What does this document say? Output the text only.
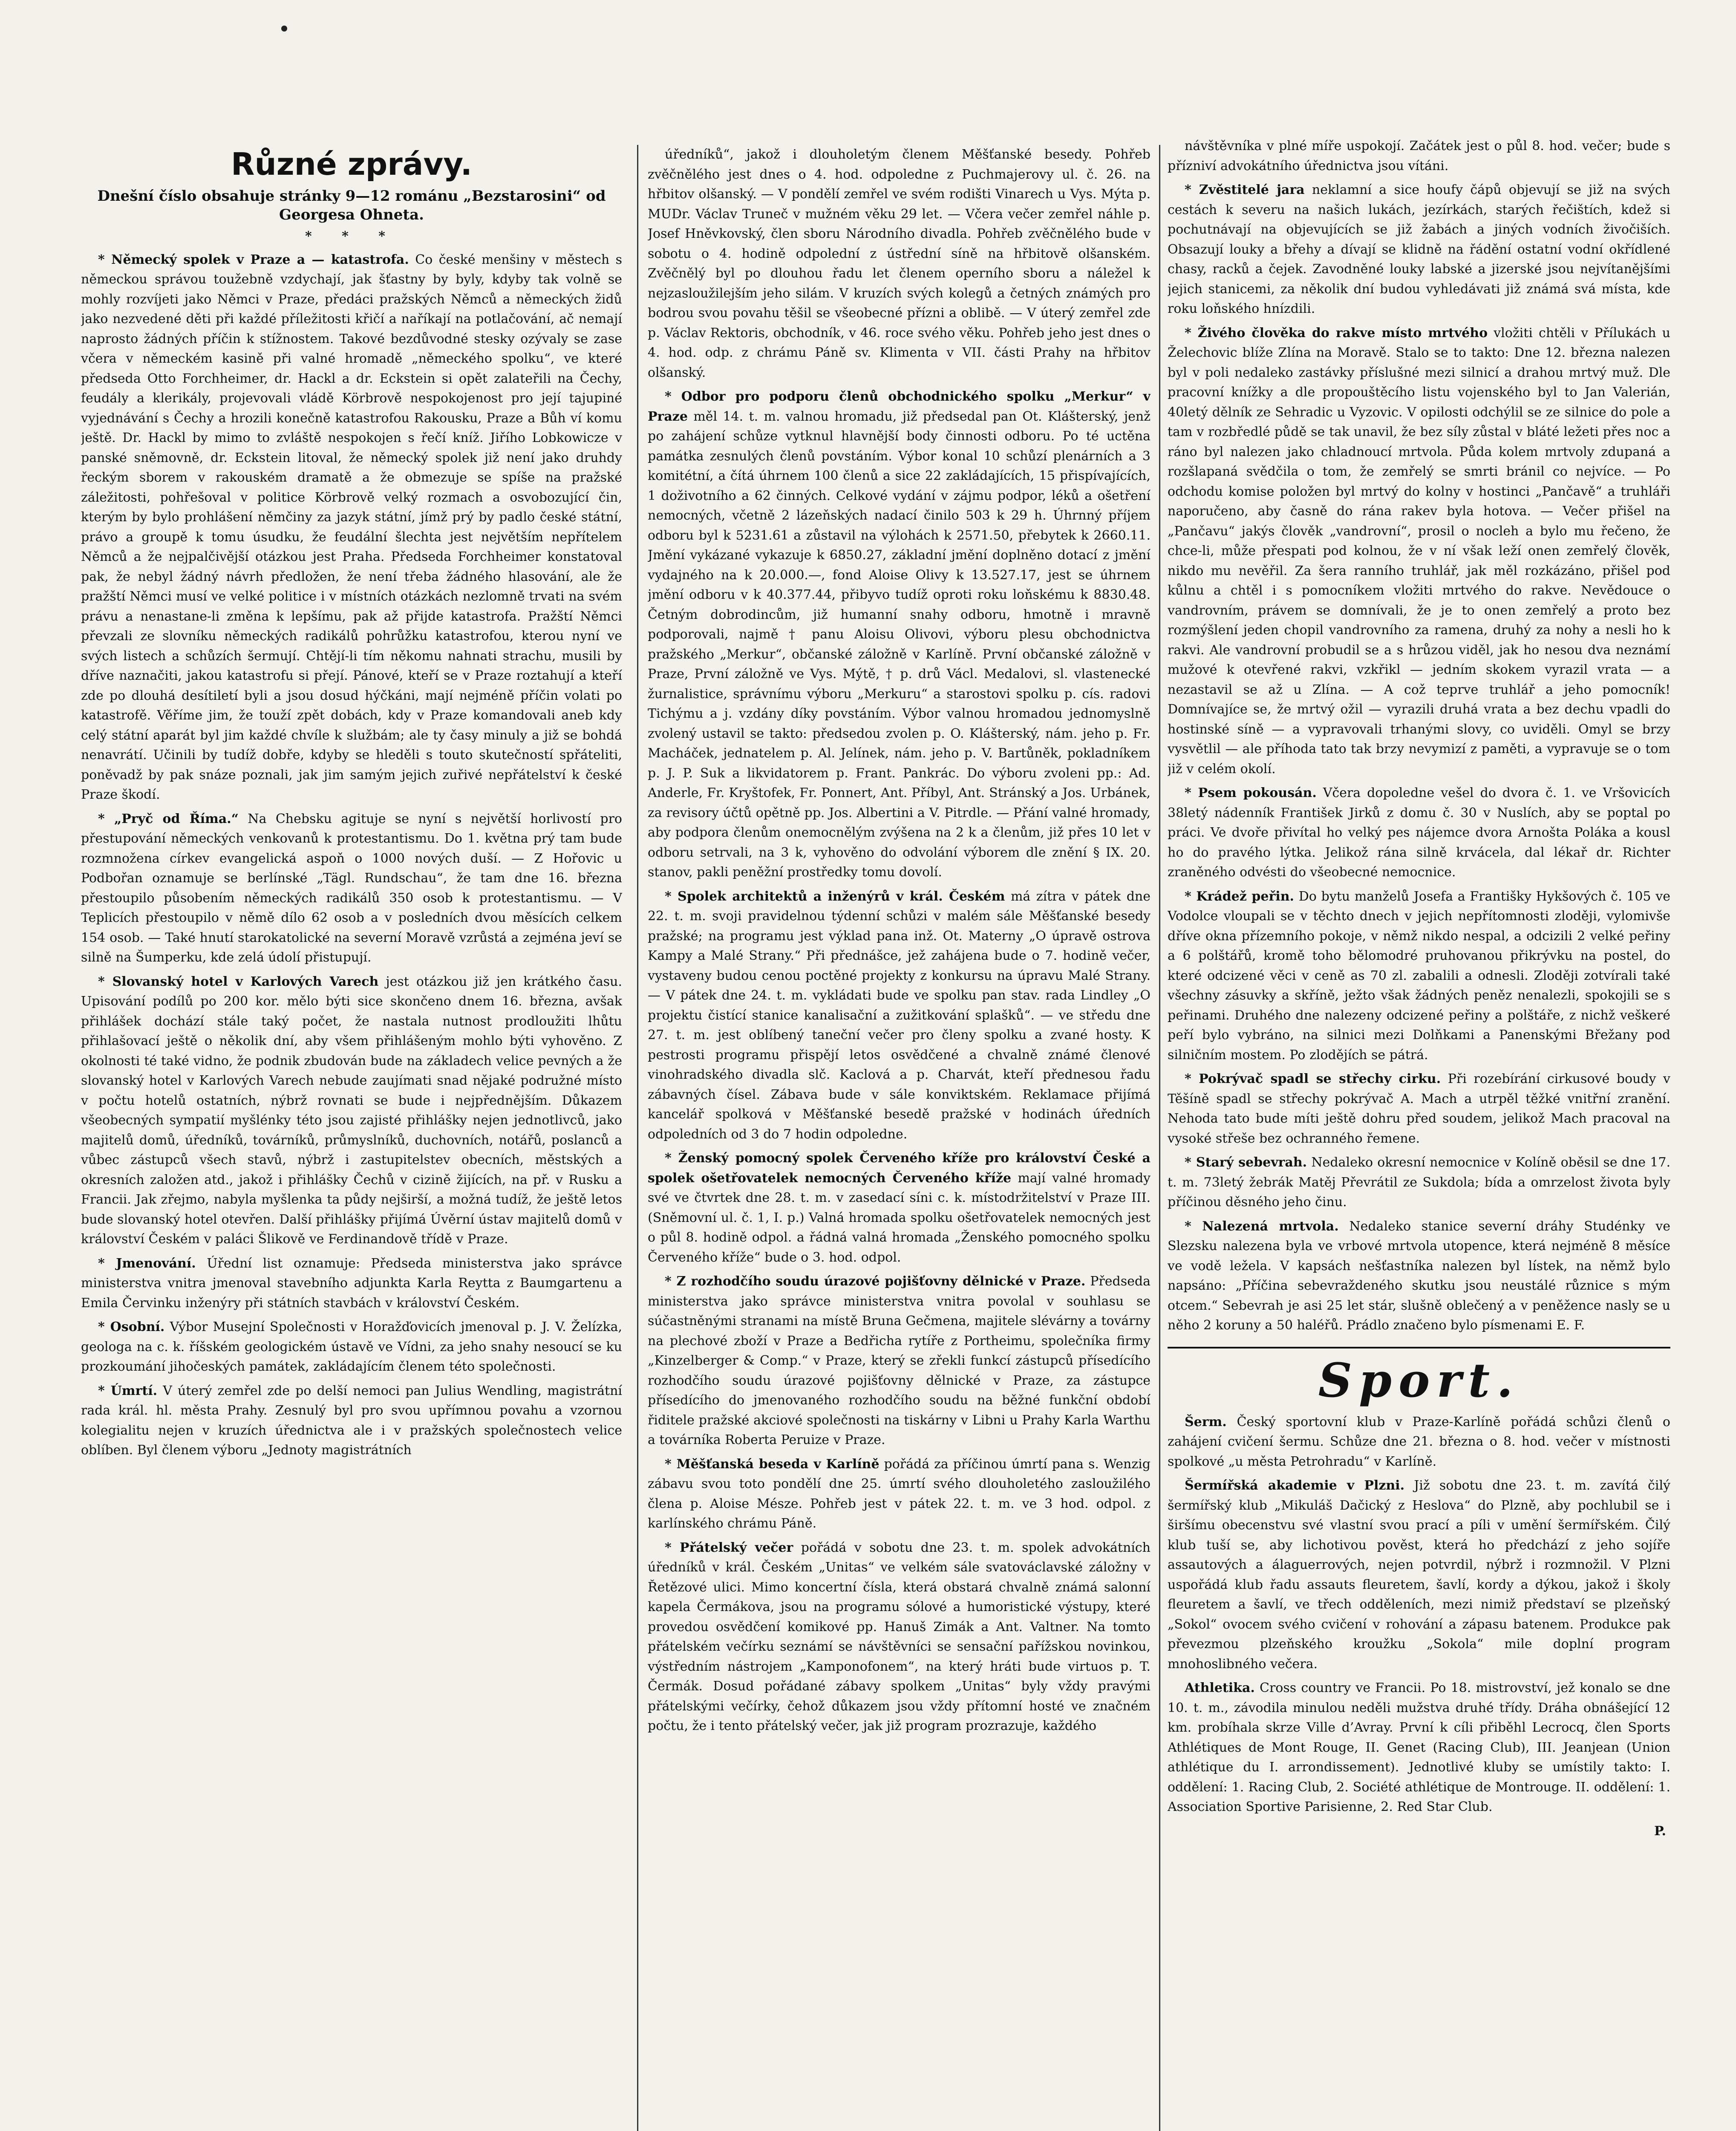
Různé zprávy.
Dnešní číslo obsahuje stránky 9—12 románu „Bezstarosini“ od Georgesa Ohneta.
* * *

* Německý spolek v Praze a — katastrofa. Co české menšiny v městech s německou správou toužebně vzdychají, jak šťastny by byly, kdyby tak volně se mohly rozvíjeti jako Němci v Praze, předáci pražských Němců a německých židů jako nezvedené děti při každé příležitosti křičí a naříkají na potlačování, ač nemají naprosto žádných příčin k stížnostem. Takové bezdůvodné stesky ozývaly se zase včera v německém kasině při valné hromadě „německého spolku“, ve které předseda Otto Forchheimer, dr. Hackl a dr. Eckstein si opět zalateřili na Čechy, feudály a klerikály, projevovali vládě Körbrově nespokojenost pro její tajupiné vyjednávání s Čechy a hrozili konečně katastrofou Rakousku, Praze a Bůh ví komu ještě. Dr. Hackl by mimo to zvláště nespokojen s řečí kníž. Jiřího Lobkowicze v panské sněmovně, dr. Eckstein litoval, že německý spolek již není jako druhdy řeckým sborem v rakouském dramatě a že obmezuje se spíše na pražské záležitosti, pohřešoval v politice Körbrově velký rozmach a osvobozující čin, kterým by bylo prohlášení němčiny za jazyk státní, jímž prý by padlo české státní, právo a groupě k tomu úsudku, že feudální šlechta jest největším nepřítelem Němců a že nejpalčivější otázkou jest Praha. Předseda Forchheimer konstatoval pak, že nebyl žádný návrh předložen, že není třeba žádného hlasování, ale že pražští Němci musí ve velké politice i v místních otázkách nezlomně trvati na svém právu a nenastane-li změna k lepšímu, pak až přijde katastrofa. Pražští Němci převzali ze slovníku německých radikálů pohrůžku katastrofou, kterou nyní ve svých listech a schůzích šermují. Chtějí-li tím někomu nahnati strachu, musili by dříve naznačiti, jakou katastrofu si přejí. Pánové, kteří se v Praze roztahují a kteří zde po dlouhá desítiletí byli a jsou dosud hýčkáni, mají nejméně příčin volati po katastrofě. Věříme jim, že touží zpět dobách, kdy v Praze komandovali aneb kdy celý státní aparát byl jim každé chvíle k službám; ale ty časy minuly a již se bohdá nenavrátí. Učinili by tudíž dobře, kdyby se hleděli s touto skutečností spřáteliti, poněvadž by pak snáze poznali, jak jim samým jejich zuřivé nepřátelství k české Praze škodí.

* „Pryč od Říma.“ Na Chebsku agituje se nyní s největší horlivostí pro přestupování německých venkovanů k protestantismu. Do 1. května prý tam bude rozmnožena církev evangelická aspoň o 1000 nových duší. — Z Hořovic u Podbořan oznamuje se berlínské „Tägl. Rundschau“, že tam dne 16. března přestoupilo působením německých radikálů 350 osob k protestantismu. — V Teplicích přestoupilo v němě dílo 62 osob a v posledních dvou měsících celkem 154 osob. — Také hnutí starokatolické na severní Moravě vzrůstá a zejména jeví se silně na Šumperku, kde zelá údolí přistupují.

* Slovanský hotel v Karlových Varech jest otázkou již jen krátkého času. Upisování podílů po 200 kor. mělo býti sice skončeno dnem 16. března, avšak přihlášek dochází stále taký počet, že nastala nutnost prodloužiti lhůtu přihlašovací ještě o několik dní, aby všem přihlášeným mohlo býti vyhověno. Z okolnosti té také vidno, že podnik zbudován bude na základech velice pevných a že slovanský hotel v Karlových Varech nebude zaujímati snad nějaké podružné místo v počtu hotelů ostatních, nýbrž rovnati se bude i nejpřednějším. Důkazem všeobecných sympatií myšlénky této jsou zajisté přihlášky nejen jednotlivců, jako majitelů domů, úředníků, továrníků, průmyslníků, duchovních, notářů, poslanců a vůbec zástupců všech stavů, nýbrž i zastupitelstev obecních, městských a okresních založen atd., jakož i přihlášky Čechů v cizině žijících, na př. v Rusku a Francii. Jak zřejmo, nabyla myšlenka ta půdy nejširší, a možná tudíž, že ještě letos bude slovanský hotel otevřen. Další přihlášky přijímá Úvěrní ústav majitelů domů v království Českém v paláci Šlikově ve Ferdinandově třídě v Praze.

* Jmenování. Úřední list oznamuje: Předseda ministerstva jako správce ministerstva vnitra jmenoval stavebního adjunkta Karla Reytta z Baumgartenu a Emila Červinku inženýry při státních stavbách v království Českém.

* Osobní. Výbor Musejní Společnosti v Horažďovicích jmenoval p. J. V. Želízka, geologa na c. k. říšském geologickém ústavě ve Vídni, za jeho snahy nesoucí se ku prozkoumání jihočeských památek, zakládajícím členem této společnosti.

* Úmrtí. V úterý zemřel zde po delší nemoci pan Julius Wendling, magistrátní rada král. hl. města Prahy. Zesnulý byl pro svou upřímnou povahu a vzornou kolegialitu nejen v kruzích úřednictva ale i v pražských společnostech velice oblíben. Byl členem výboru „Jednoty magistrátních

úředníků“, jakož i dlouholetým členem Měšťanské besedy. Pohřeb zvěčnělého jest dnes o 4. hod. odpoledne z Puchmajerovy ul. č. 26. na hřbitov olšanský. — V pondělí zemřel ve svém rodišti Vinarech u Vys. Mýta p. MUDr. Václav Truneč v mužném věku 29 let. — Včera večer zemřel náhle p. Josef Hněvkovský, člen sboru Národního divadla. Pohřeb zvěčnělého bude v sobotu o 4. hodině odpolední z ústřední síně na hřbitově olšanském. Zvěčnělý byl po dlouhou řadu let členem operního sboru a náležel k nejzasloužilejším jeho silám. V kruzích svých kolegů a četných známých pro bodrou svou povahu těšil se všeobecné přízni a oblibě. — V úterý zemřel zde p. Václav Rektoris, obchodník, v 46. roce svého věku. Pohřeb jeho jest dnes o 4. hod. odp. z chrámu Páně sv. Klimenta v VII. části Prahy na hřbitov olšanský.

* Odbor pro podporu členů obchodnického spolku „Merkur“ v Praze měl 14. t. m. valnou hromadu, již předsedal pan Ot. Klášterský, jenž po zahájení schůze vytknul hlavnější body činnosti odboru. Po té uctěna památka zesnulých členů povstáním. Výbor konal 10 schůzí plenárních a 3 komitétní, a čítá úhrnem 100 členů a sice 22 zakládajících, 15 přispívajících, 1 doživotního a 62 činných. Celkové vydání v zájmu podpor, léků a ošetření nemocných, včetně 2 lázeňských nadací činilo 503 k 29 h. Úhrnný příjem odboru byl k 5231.61 a zůstavil na výlohách k 2571.50, přebytek k 2660.11. Jmění vykázané vykazuje k 6850.27, základní jmění doplněno dotací z jmění vydajného na k 20.000.—, fond Aloise Olivy k 13.527.17, jest se úhrnem jmění odboru v k 40.377.44, přibyvo tudíž oproti roku loňskému k 8830.48. Četným dobrodincům, již humanní snahy odboru, hmotně i mravně podporovali, najmě † panu Aloisu Olivovi, výboru plesu obchodnictva pražského „Merkur“, občanské záložně v Karlíně. První občanské záložně v Praze, První záložně ve Vys. Mýtě, † p. drů Václ. Medalovi, sl. vlastenecké žurnalistice, správnímu výboru „Merkuru“ a starostovi spolku p. cís. radovi Tichýmu a j. vzdány díky povstáním. Výbor valnou hromadou jednomyslně zvolený ustavil se takto: předsedou zvolen p. O. Klášterský, nám. jeho p. Fr. Macháček, jednatelem p. Al. Jelínek, nám. jeho p. V. Bartůněk, pokladníkem p. J. P. Suk a likvidatorem p. Frant. Pankrác. Do výboru zvoleni pp.: Ad. Anderle, Fr. Kryštofek, Fr. Ponnert, Ant. Příbyl, Ant. Stránský a Jos. Urbánek, za revisory účtů opětně pp. Jos. Albertini a V. Pitrdle. — Přání valné hromady, aby podpora členům onemocnělým zvýšena na 2 k a členům, již přes 10 let v odboru setrvali, na 3 k, vyhověno do odvolání výborem dle znění § IX. 20. stanov, pakli peněžní prostředky tomu dovolí.

* Spolek architektů a inženýrů v král. Českém má zítra v pátek dne 22. t. m. svoji pravidelnou týdenní schůzi v malém sále Měšťanské besedy pražské; na programu jest výklad pana inž. Ot. Materny „O úpravě ostrova Kampy a Malé Strany.“ Při přednášce, jež zahájena bude o 7. hodině večer, vystaveny budou cenou poctěné projekty z konkursu na úpravu Malé Strany. — V pátek dne 24. t. m. vykládati bude ve spolku pan stav. rada Lindley „O projektu čistící stanice kanalisační a zužitkování splašků“. — ve středu dne 27. t. m. jest oblíbený taneční večer pro členy spolku a zvané hosty. K pestrosti programu přispějí letos osvědčené a chvalně známé členové vinohradského divadla slč. Kaclová a p. Charvát, kteří přednesou řadu zábavných čísel. Zábava bude v sále konviktském. Reklamace přijímá kancelář spolková v Měšťanské besedě pražské v hodinách úředních odpoledních od 3 do 7 hodin odpoledne.

* Ženský pomocný spolek Červeného kříže pro království České a spolek ošetřovatelek nemocných Červeného kříže mají valné hromady své ve čtvrtek dne 28. t. m. v zasedací síni c. k. místodržitelství v Praze III. (Sněmovní ul. č. 1, I. p.) Valná hromada spolku ošetřovatelek nemocných jest o půl 8. hodině odpol. a řádná valná hromada „Ženského pomocného spolku Červeného kříže“ bude o 3. hod. odpol.

* Z rozhodčího soudu úrazové pojišťovny dělnické v Praze. Předseda ministerstva jako správce ministerstva vnitra povolal v souhlasu se súčastněnými stranami na místě Bruna Gečmena, majitele slévárny a továrny na plechové zboží v Praze a Bedřicha rytíře z Portheimu, společníka firmy „Kinzelberger & Comp.“ v Praze, který se zřekli funkcí zástupců přísedícího rozhodčího soudu úrazové pojišťovny dělnické v Praze, za zástupce přísedícího do jmenovaného rozhodčího soudu na běžné funkční období řiditele pražské akciové společnosti na tiskárny v Libni u Prahy Karla Warthu a továrníka Roberta Peruize v Praze.

* Měšťanská beseda v Karlíně pořádá za příčinou úmrtí pana s. Wenzig zábavu svou toto pondělí dne 25. úmrtí svého dlouholetého zasloužilého člena p. Aloise Mésze. Pohřeb jest v pátek 22. t. m. ve 3 hod. odpol. z karlínského chrámu Páně.

* Přátelský večer pořádá v sobotu dne 23. t. m. spolek advokátních úředníků v král. Českém „Unitas“ ve velkém sále svatováclavské záložny v Řetězové ulici. Mimo koncertní čísla, která obstará chvalně známá salonní kapela Čermákova, jsou na programu sólové a humoristické výstupy, které provedou osvědčení komikové pp. Hanuš Zimák a Ant. Valtner. Na tomto přátelském večírku seznámí se návštěvníci se sensační pařížskou novinkou, výstředním nástrojem „Kamponofonem“, na který hráti bude virtuos p. T. Čermák. Dosud pořádané zábavy spolkem „Unitas“ byly vždy pravými přátelskými večírky, čehož důkazem jsou vždy přítomní hosté ve značném počtu, že i tento přátelský večer, jak již program prozrazuje, každého

návštěvníka v plné míře uspokojí. Začátek jest o půl 8. hod. večer; bude s přízniví advokátního úřednictva jsou vítáni.

* Zvěstitelé jara neklamní a sice houfy čápů objevují se již na svých cestách k severu na našich lukách, jezírkách, starých řečištích, kdež si pochutnávají na objevujících se již žabách a jiných vodních živočiších. Obsazují louky a břehy a dívají se klidně na řádění ostatní vodní okřídlené chasy, racků a čejek. Zavodněné louky labské a jizerské jsou nejvítanějšími jejich stanicemi, za několik dní budou vyhledávati již známá svá místa, kde roku loňského hnízdili.

* Živého člověka do rakve místo mrtvého vložiti chtěli v Přílukách u Želechovic blíže Zlína na Moravě. Stalo se to takto: Dne 12. března nalezen byl v poli nedaleko zastávky příslušné mezi silnicí a drahou mrtvý muž. Dle pracovní knížky a dle propouštěcího listu vojenského byl to Jan Valerián, 40letý dělník ze Sehradic u Vyzovic. V opilosti odchýlil se ze silnice do pole a tam v rozbředlé půdě se tak unavil, že bez síly zůstal v bláté ležeti přes noc a ráno byl nalezen jako chladnoucí mrtvola. Půda kolem mrtvoly zdupaná a rozšlapaná svědčila o tom, že zemřelý se smrti bránil co nejvíce. — Po odchodu komise položen byl mrtvý do kolny v hostinci „Pančavě“ a truhláři naporučeno, aby časně do rána rakev byla hotova. — Večer přišel na „Pančavu“ jakýs člověk „vandrovní“, prosil o nocleh a bylo mu řečeno, že chce-li, může přespati pod kolnou, že v ní však leží onen zemřelý člověk, nikdo mu nevěřil. Za šera ranního truhlář, jak měl rozkázáno, přišel pod kůlnu a chtěl i s pomocníkem vložiti mrtvého do rakve. Nevědouce o vandrovním, právem se domnívali, že je to onen zemřelý a proto bez rozmýšlení jeden chopil vandrovního za ramena, druhý za nohy a nesli ho k rakvi. Ale vandrovní probudil se a s hrůzou viděl, jak ho nesou dva neznámí mužové k otevřené rakvi, vzkřikl — jedním skokem vyrazil vrata — a nezastavil se až u Zlína. — A což teprve truhlář a jeho pomocník! Domnívajíce se, že mrtvý ožil — vyrazili druhá vrata a bez dechu vpadli do hostinské síně — a vypravovali trhanými slovy, co uviděli. Omyl se brzy vysvětlil — ale příhoda tato tak brzy nevymizí z paměti, a vypravuje se o tom již v celém okolí.

* Psem pokousán. Včera dopoledne vešel do dvora č. 1. ve Vršovicích 38letý nádenník František Jirků z domu č. 30 v Nuslích, aby se poptal po práci. Ve dvoře přivítal ho velký pes nájemce dvora Arnošta Poláka a kousl ho do pravého lýtka. Jelikož rána silně krvácela, dal lékař dr. Richter zraněného odvésti do všeobecné nemocnice.

* Krádež peřin. Do bytu manželů Josefa a Františky Hykšových č. 105 ve Vodolce vloupali se v těchto dnech v jejich nepřítomnosti zloději, vylomivše dříve okna přízemního pokoje, v němž nikdo nespal, a odcizili 2 velké peřiny a 6 polštářů, kromě toho bělomodré pruhovanou přikrývku na postel, do které odcizené věci v ceně as 70 zl. zabalili a odnesli. Zloději zotvírali také všechny zásuvky a skříně, ježto však žádných peněz nenalezli, spokojili se s peřinami. Druhého dne nalezeny odcizené peřiny a polštáře, z nichž veškeré peří bylo vybráno, na silnici mezi Dolňkami a Panenskými Břežany pod silničním mostem. Po zlodějích se pátrá.

* Pokrývač spadl se střechy cirku. Při rozebírání cirkusové boudy v Těšíně spadl se střechy pokrývač A. Mach a utrpěl těžké vnitřní zranění. Nehoda tato bude míti ještě dohru před soudem, jelikož Mach pracoval na vysoké střeše bez ochranného řemene.

* Starý sebevrah. Nedaleko okresní nemocnice v Kolíně oběsil se dne 17. t. m. 73letý žebrák Matěj Převrátil ze Sukdola; bída a omrzelost života byly příčinou děsného jeho činu.

* Nalezená mrtvola. Nedaleko stanice severní dráhy Studénky ve Slezsku nalezena byla ve vrbové mrtvola utopence, která nejméně 8 měsíce ve vodě ležela. V kapsách nešťastníka nalezen byl lístek, na němž bylo napsáno: „Příčina sebevraždeného skutku jsou neustálé různice s mým otcem.“ Sebevrah je asi 25 let stár, slušně oblečený a v peněžence nasly se u něho 2 koruny a 50 haléřů. Prádlo značeno bylo písmenami E. F.

Sport.

Šerm. Český sportovní klub v Praze-Karlíně pořádá schůzi členů o zahájení cvičení šermu. Schůze dne 21. března o 8. hod. večer v místnosti spolkové „u města Petrohradu“ v Karlíně.

Šermířská akademie v Plzni. Již sobotu dne 23. t. m. zavítá čilý šermířský klub „Mikuláš Dačický z Heslova“ do Plzně, aby pochlubil se i širšímu obecenstvu své vlastní svou prací a píli v umění šermířském. Čilý klub tuší se, aby lichotivou pověst, která ho předchází z jeho sojíře assautových a álaguerrových, nejen potvrdil, nýbrž i rozmnožil. V Plzni uspořádá klub řadu assauts fleuretem, šavlí, kordy a dýkou, jakož i školy fleuretem a šavlí, ve třech odděleních, mezi nimiž představí se plzeňský „Sokol“ ovocem svého cvičení v rohování a zápasu batenem. Produkce pak převezmou plzeňského kroužku „Sokola“ mile doplní program mnohoslibného večera.

Athletika. Cross country ve Francii. Po 18. mistrovství, jež konalo se dne 10. t. m., závodila minulou neděli mužstva druhé třídy. Dráha obnášející 12 km. probíhala skrze Ville d’Avray. První k cíli přiběhl Lecrocq, člen Sports Athlétiques de Mont Rouge, II. Genet (Racing Club), III. Jeanjean (Union athlétique du I. arrondissement). Jednotlivé kluby se umístily takto: I. oddělení: 1. Racing Club, 2. Société athlétique de Montrouge. II. oddělení: 1. Association Sportive Parisienne, 2. Red Star Club.

P.
